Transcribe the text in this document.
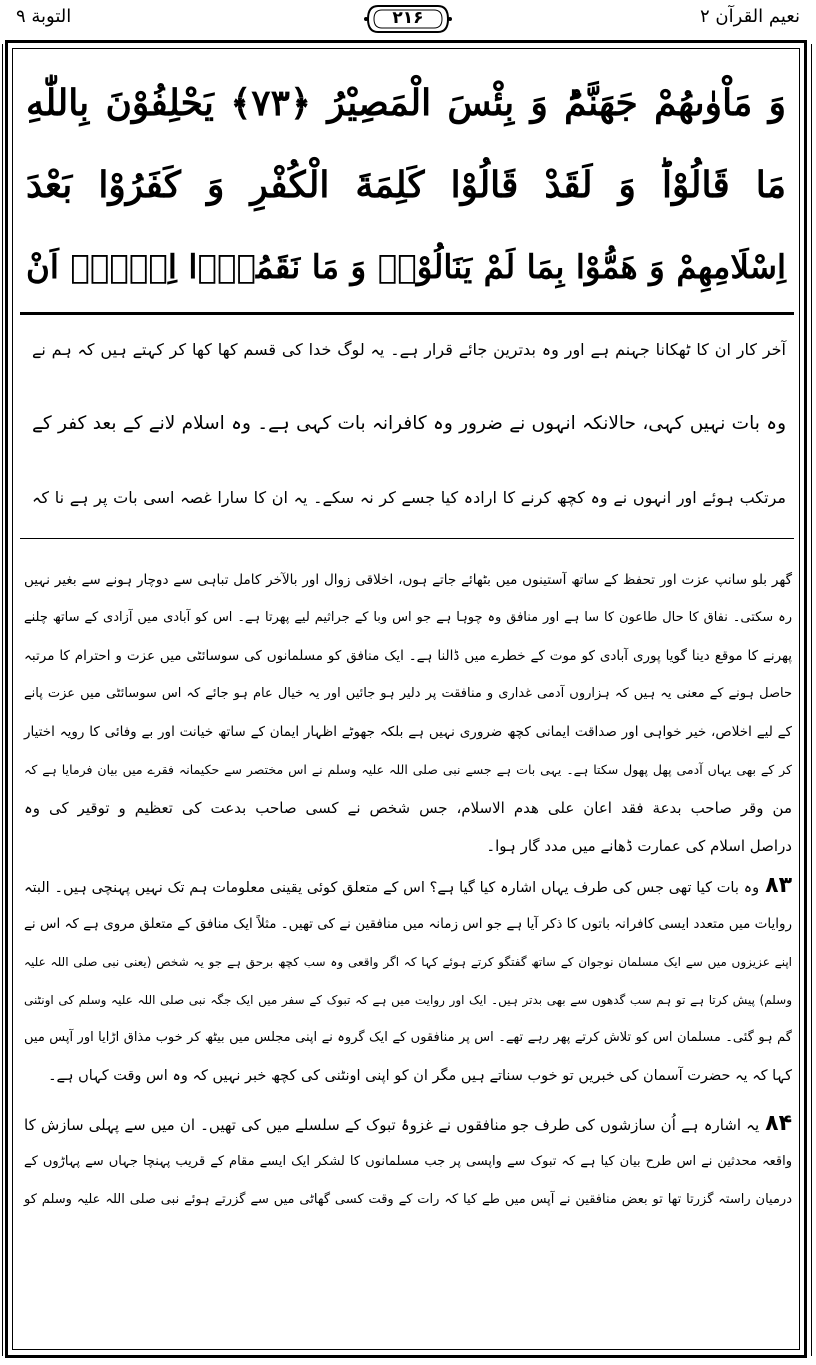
نعیم القرآن ۲
۲۱۶
التوبة ۹
وَ مَاْوٰىهُمْ جَهَنَّمُؕ وَ بِئْسَ الْمَصِيْرُ ﴿۷۳﴾ يَحْلِفُوْنَ بِاللّٰهِ
مَا قَالُوْاؕ وَ لَقَدْ قَالُوْا كَلِمَةَ الْكُفْرِ وَ كَفَرُوْا بَعْدَ
اِسْلَامِهِمْ وَ هَمُّوْا بِمَا لَمْ يَنَالُوْاۚ وَ مَا نَقَمُوْۤا اِلَّاۤ اَنْ
آخر کار ان کا ٹھکانا جہنم ہے اور وہ بدترین جائے قرار ہے۔ یہ لوگ خدا کی قسم کھا کھا کر کہتے ہیں کہ ہم نے
وہ بات نہیں کہی، حالانکہ انہوں نے ضرور وہ کافرانہ بات کہی ہے۔ وہ اسلام لانے کے بعد کفر کے
مرتکب ہوئے اور انہوں نے وہ کچھ کرنے کا ارادہ کیا جسے کر نہ سکے۔ یہ ان کا سارا غصہ اسی بات پر ہے نا کہ
گھر بلو سانپ عزت اور تحفظ کے ساتھ آستینوں میں بٹھائے جاتے ہوں، اخلاقی زوال اور بالآخر کامل تباہی سے دوچار ہونے سے بغیر نہیں
رہ سکتی۔ نفاق کا حال طاعون کا سا ہے اور منافق وہ چوہا ہے جو اس وبا کے جراثیم لیے پھرتا ہے۔ اس کو آبادی میں آزادی کے ساتھ چلنے
پھرنے کا موقع دینا گویا پوری آبادی کو موت کے خطرے میں ڈالنا ہے۔ ایک منافق کو مسلمانوں کی سوسائٹی میں عزت و احترام کا مرتبہ
حاصل ہونے کے معنی یہ ہیں کہ ہزاروں آدمی غداری و منافقت پر دلیر ہو جائیں اور یہ خیال عام ہو جائے کہ اس سوسائٹی میں عزت پانے
کے لیے اخلاص، خیر خواہی اور صداقت ایمانی کچھ ضروری نہیں ہے بلکہ جھوٹے اظہار ایمان کے ساتھ خیانت اور بے وفائی کا رویہ اختیار
کر کے بھی یہاں آدمی پھل پھول سکتا ہے۔ یہی بات ہے جسے نبی صلی اللہ علیہ وسلم نے اس مختصر سے حکیمانہ فقرے میں بیان فرمایا ہے کہ
من وقر صاحب بدعة فقد اعان علی هدم الاسلام، جس شخص نے کسی صاحب بدعت کی تعظیم و توقیر کی وہ
دراصل اسلام کی عمارت ڈھانے میں مدد گار ہوا۔
۸۳وہ بات کیا تھی جس کی طرف یہاں اشارہ کیا گیا ہے؟ اس کے متعلق کوئی یقینی معلومات ہم تک نہیں پہنچی ہیں۔ البتہ
روایات میں متعدد ایسی کافرانہ باتوں کا ذکر آیا ہے جو اس زمانہ میں منافقین نے کی تھیں۔ مثلاً ایک منافق کے متعلق مروی ہے کہ اس نے
اپنے عزیزوں میں سے ایک مسلمان نوجوان کے ساتھ گفتگو کرتے ہوئے کہا کہ اگر واقعی وہ سب کچھ برحق ہے جو یہ شخص (یعنی نبی صلی اللہ علیہ
وسلم) پیش کرتا ہے تو ہم سب گدھوں سے بھی بدتر ہیں۔ ایک اور روایت میں ہے کہ تبوک کے سفر میں ایک جگہ نبی صلی اللہ علیہ وسلم کی اونٹنی
گم ہو گئی۔ مسلمان اس کو تلاش کرتے پھر رہے تھے۔ اس پر منافقوں کے ایک گروہ نے اپنی مجلس میں بیٹھ کر خوب مذاق اڑایا اور آپس میں
کہا کہ یہ حضرت آسمان کی خبریں تو خوب سناتے ہیں مگر ان کو اپنی اونٹنی کی کچھ خبر نہیں کہ وہ اس وقت کہاں ہے۔
۸۴یہ اشارہ ہے اُن سازشوں کی طرف جو منافقوں نے غزوۂ تبوک کے سلسلے میں کی تھیں۔ ان میں سے پہلی سازش کا
واقعہ محدثین نے اس طرح بیان کیا ہے کہ تبوک سے واپسی پر جب مسلمانوں کا لشکر ایک ایسے مقام کے قریب پہنچا جہاں سے پہاڑوں کے
درمیان راستہ گزرتا تھا تو بعض منافقین نے آپس میں طے کیا کہ رات کے وقت کسی گھاٹی میں سے گزرتے ہوئے نبی صلی اللہ علیہ وسلم کو
